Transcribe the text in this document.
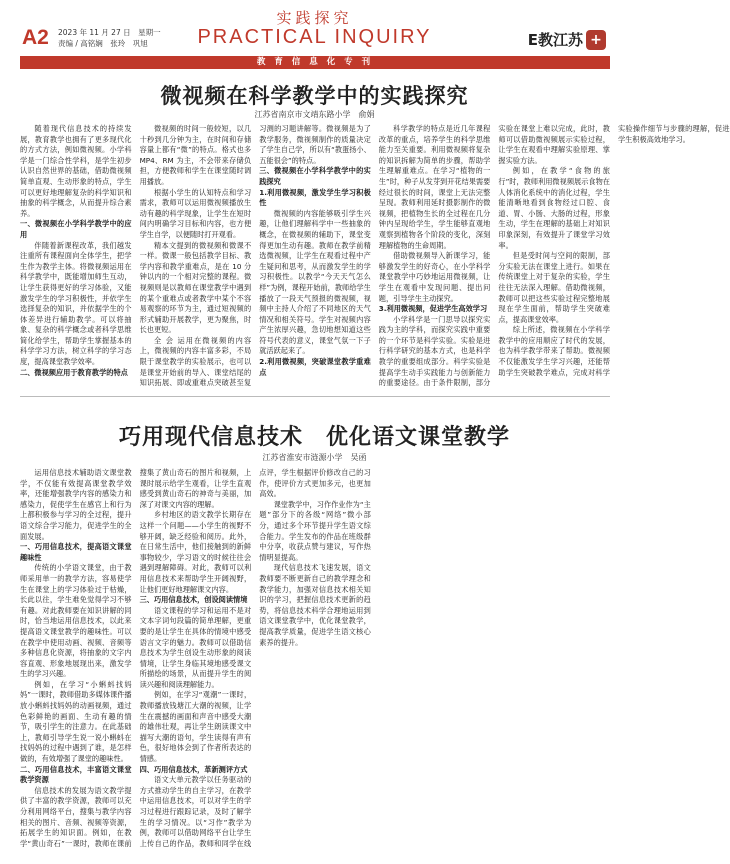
实践探究
PRACTICAL INQUIRY
A2 2023 年 11 月 27 日　星期一
责编 / 高铭娴　张玲　巩旭	E教江苏 +
教 育 信 息 化 专 刊
微视频在科学教学中的实践探究
江苏省南京市文靖东路小学　俞娟

随着现代信息技术的持续发展，教育教学也拥有了更多现代化的方式方法，例如微视频。小学科学是一门综合性学科，是学生初步认识自然世界的基础，借助微视频简单直观、生动形象的特点，学生可以更好地理解复杂的科学知识和抽象的科学概念，从而提升综合素养。

一、微视频在小学科学教学中的应用

伴随着新课程改革，我们越发注重所有课程面向全体学生，把学生作为教学主体。将微视频运用在科学教学中，既能增加师生互动，让学生获得更好的学习体验，又能激发学生的学习积极性，并依学生选择复杂的知识，并依据学生的个体差异进行辅助教学。可以将抽象、复杂的科学概念或者科学思维简化给学生，帮助学生掌握基本的科学学习方法，树立科学的学习态度，提高课堂教学效率。

二、微视频应用于教育教学的特点

微视频的时间一般较短，以几十秒到几分钟为主，在时间和存储容量上都有“微”的特点。格式也多 MP4、RM 为主，不会带来存储负担，方便教师和学生在课堂随时调用播放。

根据小学生的认知特点和学习需求，教师可以运用微视频播放生动有趣的科学现象，让学生在短时间内明确学习目标和内容，也方便学生自学，以便随时打开观看。

精本文提到的微视频和微课不一样。微课一般包括教学目标、教学内容和教学重难点，是在 10 分钟以内的一个相对完整的课程。微视频则是以教师在课堂教学中遇到的某个重难点或者教学中某个不容易观察的环节为主，通过短视频的形式辅助开展教学，更为聚焦，时长也更短。

全 会 运用在微视频的内容上，微视频的内容丰富多彩，不局限于课堂教学的实验展示，也可以是课堂开始前的导入、课堂结尾的知识拓展、即或重难点突破甚至复习测的习题讲解等。微视频是为了教学服务，微视频制作的质量决定了学生自己学，所以有“教蛋扬小、五能很会”的特点。

三、微视频在小学科学教学中的实践探究
1.利用微视频，激发学生学习积极性

微视频的内容能够吸引学生兴趣，让他们理解科学中一些抽象的概念，在微视频的辅助下，课堂变得更加生动有趣。教师在教学前精选微视频，让学生在观看过程中产生疑问和思考，从而激发学生的学习积极性。以教学“今天天气怎么样”为例，课程开始前，教师给学生播放了一段天气预报的微视频，视频中主持人介绍了不同地区的天气情况和相关符号。学生对视频内容产生浓厚兴趣，急切地想知道这些符号代表的意义，课堂气氛一下子就活跃起来了。

2.利用微视频，突破课堂教学重难点

科学教学的特点是近几年课程改革的重点，培养学生的科学思维能力至关重要。利用微视频将复杂的知识拆解为简单的步骤，帮助学生理解重难点。在学习“植物的一生”时，种子从发芽到开花结果需要经过很长的时间，课堂上无法完整呈现。教师利用延时摄影制作的微视频，把植物生长的全过程在几分钟内呈现给学生，学生能够直观地观察到植物各个阶段的变化，深刻理解植物的生命周期。

借助微视频导入新课学习，能够激发学生的好奇心，在小学科学课堂教学中巧妙地运用微视频，让学生在观看中发现问题、提出问题，引导学生主动探究。

3.利用微视频，促进学生高效学习

小学科学是一门思导以探究实践为主的学科，而探究实践中重要的一个环节是科学实验。实验是进行科学研究的基本方式，也是科学教学的重要组成部分。科学实验是提高学生动手实践能力与创新能力的重要途径。由于条件限制，部分实验在课堂上难以完成，此时，教师可以借助微视频展示实验过程，让学生在观看中理解实验原理、掌握实验方法。

例如，在教学“食物的旅行”时，教师利用微视频展示食物在人体消化系统中的消化过程，学生能清晰地看到食物经过口腔、食道、胃、小肠、大肠的过程，形象生动，学生在理解的基础上对知识印象深刻，有效提升了课堂学习效率。

但是受时间与空间的限制，部分实验无法在课堂上进行。如果在传统课堂上对于复杂的实验，学生往往无法深入理解。借助微视频，教师可以把这些实验过程完整地展现在学生面前，帮助学生突破难点，提高课堂效率。

综上所述，微视频在小学科学教学中的应用顺应了时代的发展，也为科学教学带来了帮助。微视频不仅能激发学生学习兴趣，还能帮助学生突破教学难点，完成对科学实验操作细节与步骤的理解，促进学生积极高效地学习。

巧用现代信息技术　优化语文课堂教学
江苏省淮安市涟源小学　吴函

运用信息技术辅助语文课堂教学，不仅能有效提高课堂教学效率，还能增强教学内容的感染力和感染力，促使学生在感官上和行为上都积极参与学习的全过程，提升语文综合学习能力，促进学生的全面发展。

一、巧用信息技术，提高语文课堂趣味性

传统的小学语文课堂，由于教师采用单一的教学方法，容易使学生在课堂上的学习体验过于枯燥，长此以往，学生难免觉得学习不够有趣。对此教师要在知识讲解的同时，恰当地运用信息技术，以此来提高语文课堂教学的趣味性。可以在教学中使用动画、视频、音频等多种信息化资源，将抽象的文字内容直观、形象地展现出来，激发学生的学习兴趣。

例如，在学习“小蝌蚪找妈妈”一课时，教师借助多媒体课件播放小蝌蚪找妈妈的动画视频，通过色彩鲜艳的画面、生动有趣的情节，吸引学生的注意力。在此基础上，教师引导学生说一说小蝌蚪在找妈妈的过程中遇到了谁，是怎样做的，有效增强了课堂的趣味性。

二、巧用信息技术，丰富语文课堂教学资源

信息技术的发展为语文教学提供了丰富的教学资源，教师可以充分利用网络平台，搜集与教学内容相关的图片、音频、视频等资源，拓展学生的知识面。例如，在教学“黄山奇石”一课时，教师在课前搜集了黄山奇石的图片和视频，上课时展示给学生观看，让学生直观感受到黄山奇石的神奇与美丽，加深了对课文内容的理解。

乡村地区的语文教学长期存在这样一个问题——小学生的视野不够开阔，缺乏经验和阅历。此外，在日常生活中，他们接触到的新鲜事物较少，学习语文的时候往往会遇到理解障碍。对此，教师可以利用信息技术来帮助学生开阔视野，让他们更好地理解课文内容。

三、巧用信息技术，创设阅读情境

语文课程的学习和运用不是对文本字词句段篇的简单理解，更重要的是让学生在具体的情境中感受语言文字的魅力。教师可以借助信息技术为学生创设生动形象的阅读情境，让学生身临其境地感受课文所描绘的场景，从而提升学生的阅读兴趣和阅读理解能力。

例如，在学习“观潮”一课时，教师播放钱塘江大潮的视频，让学生在震撼的画面和声音中感受大潮的雄伟壮观，再让学生朗读课文中描写大潮的语句，学生读得有声有色，很好地体会到了作者所表达的情感。

四、巧用信息技术，革新测评方式

语文大单元教学以任务驱动的方式推动学生的自主学习，在教学中运用信息技术，可以对学生的学习过程进行跟踪记录，及时了解学生的学习情况。以“习作”教学为例，教师可以借助网络平台让学生上传自己的作品，教师和同学在线点评，学生根据评价修改自己的习作，使评价方式更加多元，也更加高效。

课堂教学中，习作作业作为“主题”部分下的各级“网络”微小部分，通过多个环节提升学生语文综合能力。学生发布的作品在班级群中分享，收获点赞与建议，写作热情明显提高。

现代信息技术飞速发展，语文教师要不断更新自己的教学理念和教学能力，加强对信息技术相关知识的学习，把握信息技术更新的趋势，将信息技术科学合理地运用到语文课堂教学中，优化课堂教学，提高教学质量，促进学生语文核心素养的提升。
